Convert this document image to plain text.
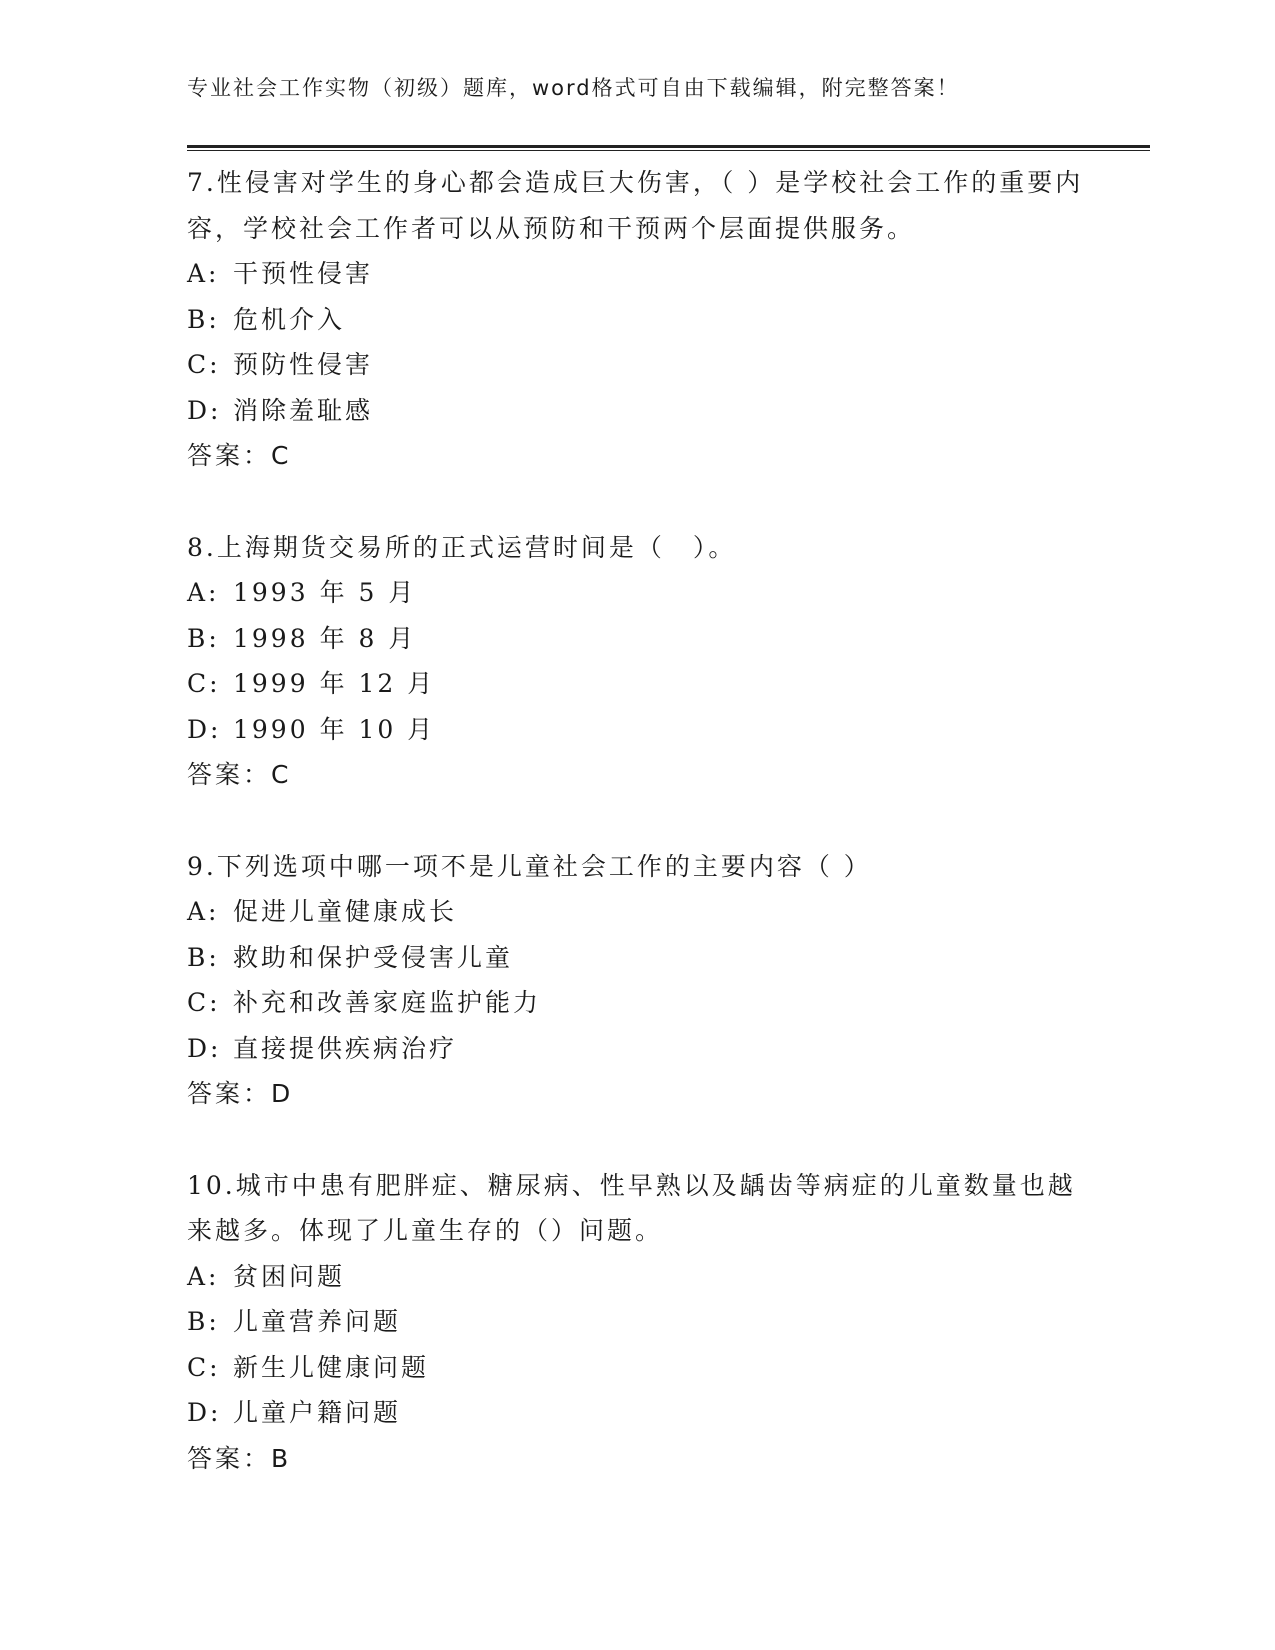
专业社会工作实物（初级）题库，word格式可自由下载编辑，附完整答案！

7.性侵害对学生的身心都会造成巨大伤害，（ ）是学校社会工作的重要内容，学校社会工作者可以从预防和干预两个层面提供服务。

A: 干预性侵害

B: 危机介入

C: 预防性侵害

D: 消除羞耻感

答案：C

8.上海期货交易所的正式运营时间是（　）。

A: 1993 年 5 月

B: 1998 年 8 月

C: 1999 年 12 月

D: 1990 年 10 月

答案：C

9.下列选项中哪一项不是儿童社会工作的主要内容（ ）

A: 促进儿童健康成长

B: 救助和保护受侵害儿童

C: 补充和改善家庭监护能力

D: 直接提供疾病治疗

答案：D

10.城市中患有肥胖症、糖尿病、性早熟以及龋齿等病症的儿童数量也越来越多。体现了儿童生存的（）问题。

A: 贫困问题

B: 儿童营养问题

C: 新生儿健康问题

D: 儿童户籍问题

答案：B
